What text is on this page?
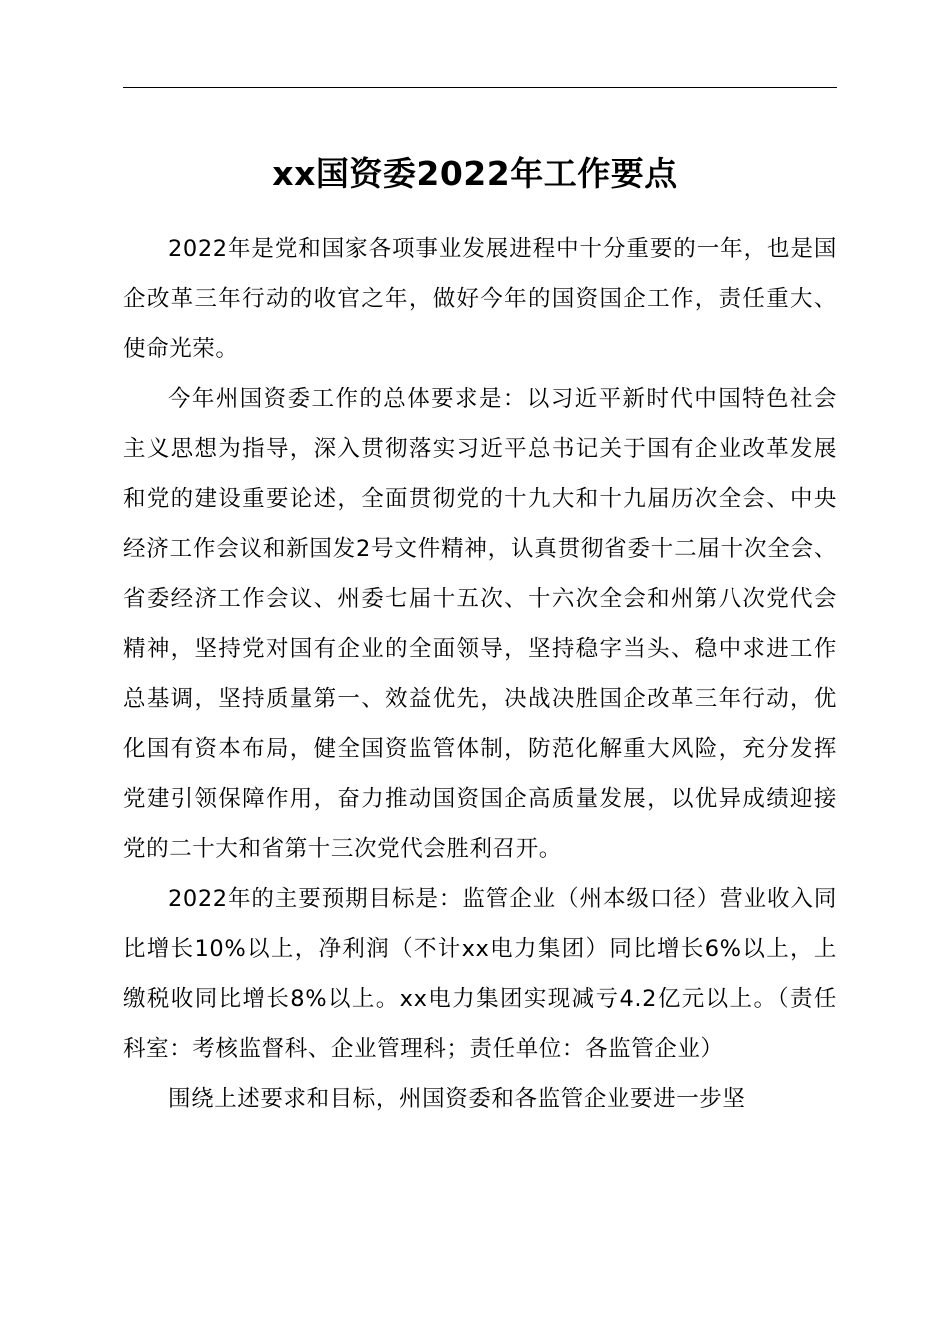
xx国资委2022年工作要点

2022年是党和国家各项事业发展进程中十分重要的一年，也是国企改革三年行动的收官之年，做好今年的国资国企工作，责任重大、使命光荣。

今年州国资委工作的总体要求是：以习近平新时代中国特色社会主义思想为指导，深入贯彻落实习近平总书记关于国有企业改革发展和党的建设重要论述，全面贯彻党的十九大和十九届历次全会、中央经济工作会议和新国发2号文件精神，认真贯彻省委十二届十次全会、省委经济工作会议、州委七届十五次、十六次全会和州第八次党代会精神，坚持党对国有企业的全面领导，坚持稳字当头、稳中求进工作总基调，坚持质量第一、效益优先，决战决胜国企改革三年行动，优化国有资本布局，健全国资监管体制，防范化解重大风险，充分发挥党建引领保障作用，奋力推动国资国企高质量发展，以优异成绩迎接党的二十大和省第十三次党代会胜利召开。

2022年的主要预期目标是：监管企业（州本级口径）营业收入同比增长10%以上，净利润（不计xx电力集团）同比增长6%以上，上缴税收同比增长8%以上。xx电力集团实现减亏4.2亿元以上。（责任科室：考核监督科、企业管理科；责任单位：各监管企业）

围绕上述要求和目标，州国资委和各监管企业要进一步坚
